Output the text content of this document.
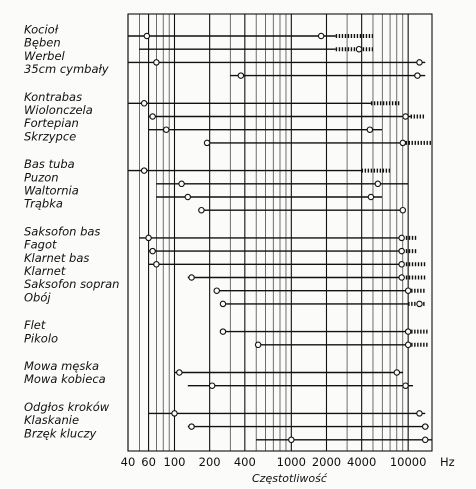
Kocioł
Bęben
Werbel
35cm cymbały
Kontrabas
Wiolonczela
Fortepian
Skrzypce
Bas tuba
Puzon
Waltornia
Trąbka
Saksofon bas
Fagot
Klarnet bas
Klarnet
Saksofon sopran
Obój
Flet
Pikolo
Mowa męska
Mowa kobieca
Odgłos kroków
Klaskanie
Brzęk kluczy
40 60 100 200 400 1000 2000 4000 10000 Hz
Częstotliwość
